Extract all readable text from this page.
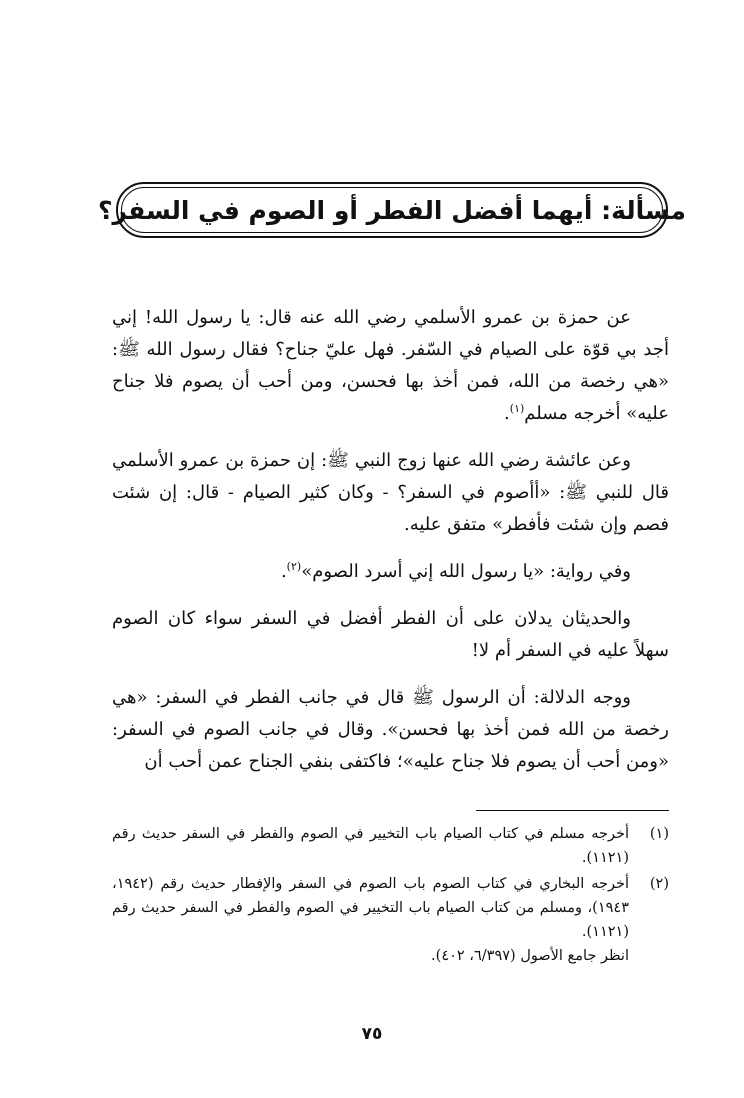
مسألة: أيهما أفضل الفطر أو الصوم في السفر؟

عن حمزة بن عمرو الأسلمي رضي الله عنه قال: يا رسول الله! إني أجد بي قوّة على الصيام في السّفر. فهل عليّ جناح؟ فقال رسول الله ﷺ: «هي رخصة من الله، فمن أخذ بها فحسن، ومن أحب أن يصوم فلا جناح عليه» أخرجه مسلم$^{(١)}$.

وعن عائشة رضي الله عنها زوج النبي ﷺ: إن حمزة بن عمرو الأسلمي قال للنبي ﷺ: «أأصوم في السفر؟ - وكان كثير الصيام - قال: إن شئت فصم وإن شئت فأفطر» متفق عليه.

وفي رواية: «يا رسول الله إني أسرد الصوم»$^{(٢)}$.

والحديثان يدلان على أن الفطر أفضل في السفر سواء كان الصوم سهلاً عليه في السفر أم لا!

ووجه الدلالة: أن الرسول ﷺ قال في جانب الفطر في السفر: «هي رخصة من الله فمن أخذ بها فحسن». وقال في جانب الصوم في السفر: «ومن أحب أن يصوم فلا جناح عليه»؛ فاكتفى بنفي الجناح عمن أحب أن

(١)
أخرجه مسلم في كتاب الصيام باب التخيير في الصوم والفطر في السفر حديث رقم (١١٢١).
(٢)
أخرجه البخاري في كتاب الصوم باب الصوم في السفر والإفطار حديث رقم (١٩٤٢، ١٩٤٣)، ومسلم من كتاب الصيام باب التخيير في الصوم والفطر في السفر حديث رقم (١١٢١).
انظر جامع الأصول (٦/٣٩٧، ٤٠٢).
٧٥
